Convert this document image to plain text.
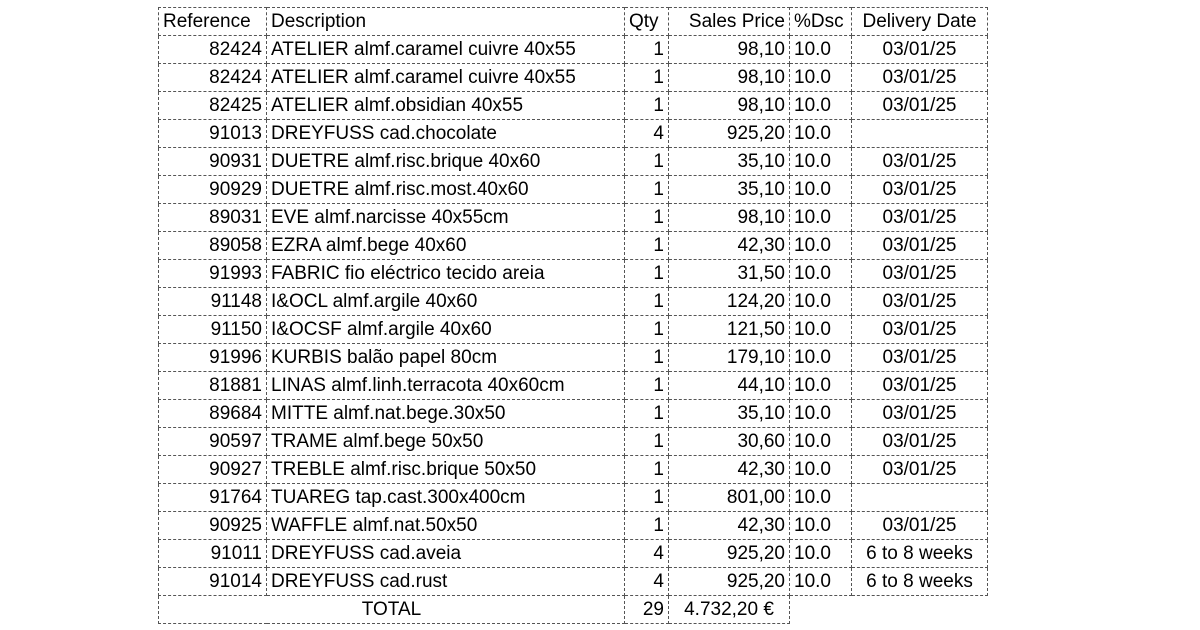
Reference	Description	Qty	Sales Price	%Dsc	Delivery Date
82424	ATELIER almf.caramel cuivre 40x55	1	98,10	10.0	03/01/25
82424	ATELIER almf.caramel cuivre 40x55	1	98,10	10.0	03/01/25
82425	ATELIER almf.obsidian 40x55	1	98,10	10.0	03/01/25
91013	DREYFUSS cad.chocolate	4	925,20	10.0	
90931	DUETRE almf.risc.brique 40x60	1	35,10	10.0	03/01/25
90929	DUETRE almf.risc.most.40x60	1	35,10	10.0	03/01/25
89031	EVE almf.narcisse 40x55cm	1	98,10	10.0	03/01/25
89058	EZRA almf.bege 40x60	1	42,30	10.0	03/01/25
91993	FABRIC fio eléctrico tecido areia	1	31,50	10.0	03/01/25
91148	I&OCL almf.argile 40x60	1	124,20	10.0	03/01/25
91150	I&OCSF almf.argile 40x60	1	121,50	10.0	03/01/25
91996	KURBIS balão papel 80cm	1	179,10	10.0	03/01/25
81881	LINAS almf.linh.terracota 40x60cm	1	44,10	10.0	03/01/25
89684	MITTE almf.nat.bege.30x50	1	35,10	10.0	03/01/25
90597	TRAME almf.bege 50x50	1	30,60	10.0	03/01/25
90927	TREBLE almf.risc.brique 50x50	1	42,30	10.0	03/01/25
91764	TUAREG tap.cast.300x400cm	1	801,00	10.0	
90925	WAFFLE almf.nat.50x50	1	42,30	10.0	03/01/25
91011	DREYFUSS cad.aveia	4	925,20	10.0	6 to 8 weeks
91014	DREYFUSS cad.rust	4	925,20	10.0	6 to 8 weeks
TOTAL		29	4.732,20 €		
